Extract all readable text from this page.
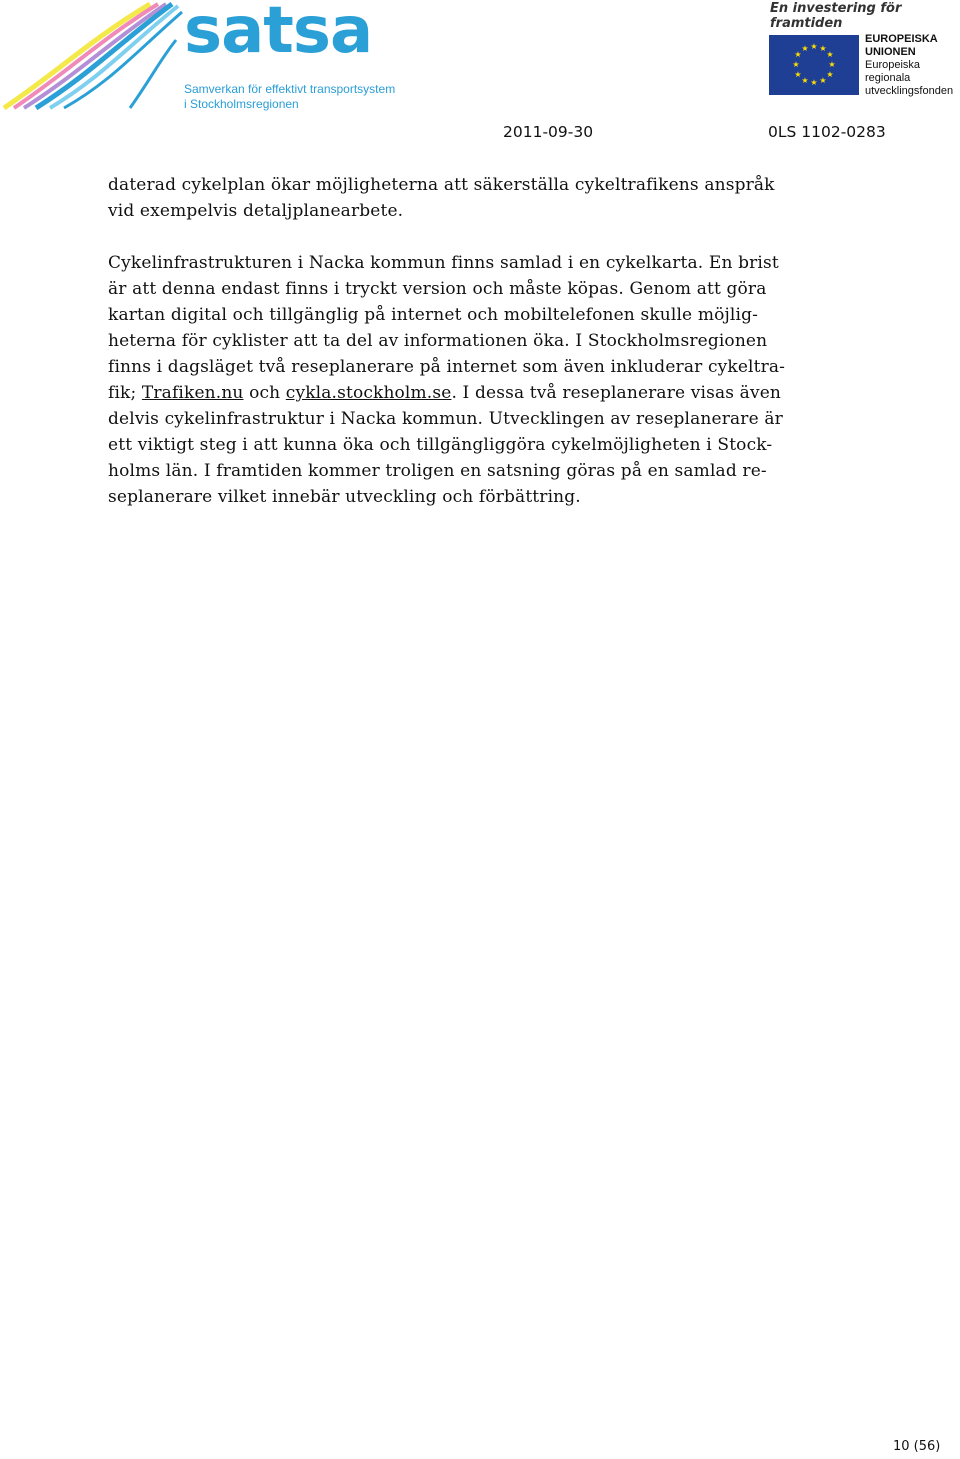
satsa
Samverkan för effektivt transportsystem
i Stockholmsregionen
En investering för framtiden
★ ★
★
★
★
★
★
★
★
★
★
★
EUROPEISKA
UNIONEN
Europeiska
regionala
utvecklingsfonden
2011-09-30	0LS 1102-0283

daterad cykelplan ökar möjligheterna att säkerställa cykeltrafikens anspråk
vid exempelvis detaljplanearbete.

Cykelinfrastrukturen i Nacka kommun finns samlad i en cykelkarta. En brist
är att denna endast finns i tryckt version och måste köpas. Genom att göra
kartan digital och tillgänglig på internet och mobiltelefonen skulle möjlig-
heterna för cyklister att ta del av informationen öka. I Stockholmsregionen
finns i dagsläget två reseplanerare på internet som även inkluderar cykeltra-
fik; Trafiken.nu och cykla.stockholm.se. I dessa två reseplanerare visas även
delvis cykelinfrastruktur i Nacka kommun. Utvecklingen av reseplanerare är
ett viktigt steg i att kunna öka och tillgängliggöra cykelmöjligheten i Stock-
holms län. I framtiden kommer troligen en satsning göras på en samlad re-
seplanerare vilket innebär utveckling och förbättring.

10 (56)
